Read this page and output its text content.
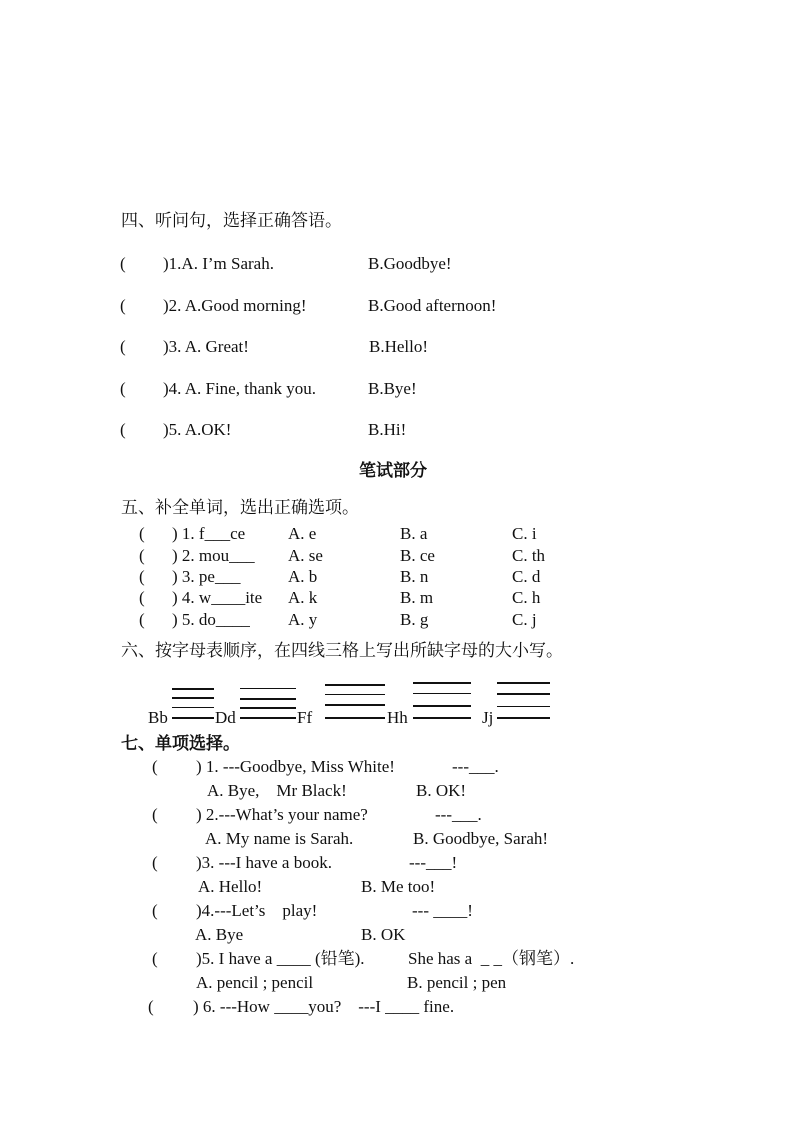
四、听问句，选择正确答语。
( )1.A. I’m Sarah.	B.Goodbye!
( )2. A.Good morning!	B.Good afternoon!
( )3. A. Great!	B.Hello!
( )4. A. Fine, thank you.	B.Bye!
( )5. A.OK!	B.Hi!
笔试部分
五、补全单词，选出正确选项。
( ) 1. f___ce	A. e	B. a	C. i
( ) 2. mou___ A. se	B. ce	C. th
( ) 3. pe___	A. b	B. n	C. d
( ) 4. w____ite A. k	B. m	C. h
( ) 5. do____ A. y	B. g	C. j
六、按字母表顺序，在四线三格上写出所缺字母的大小写。
Bb	Dd	Ff	Hh	Jj
七、单项选择。
( ) 1. ---Goodbye, Miss White!	---___.
A. Bye,    Mr Black!	B. OK!
( ) 2.---What’s your name?	---___.
A. My name is Sarah.	B. Goodbye, Sarah!
( )3. ---I have a book.	---___!
A. Hello!	B. Me too!
( )4.---Let’s    play!	--- ____!
A. Bye	B. OK
( )5. I have a ____ (铅笔).	She has a  _ _（钢笔）.
A. pencil ; pencil	B. pencil ; pen
( ) 6. ---How ____you?    ---I ____ fine.
